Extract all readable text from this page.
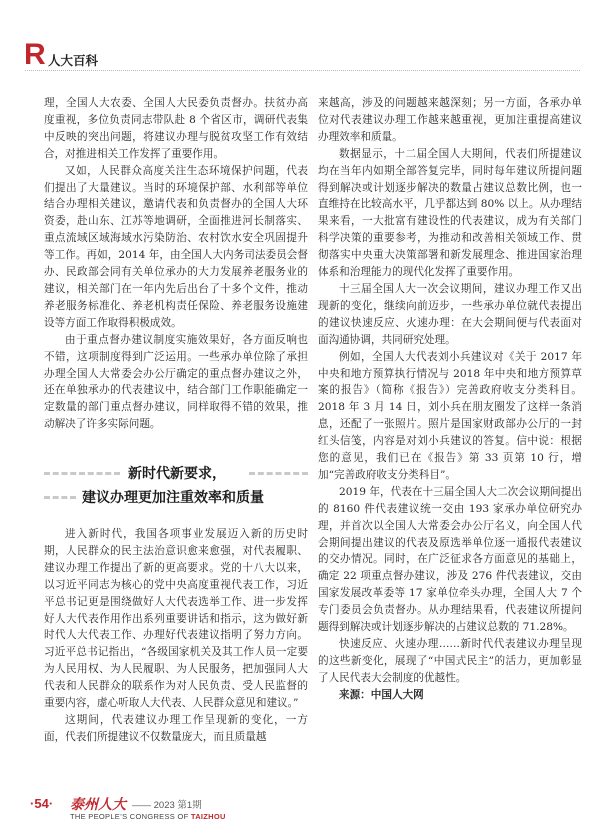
R 人大百科

理，全国人大农委、全国人大民委负责督办。扶贫办高度重视，多位负责同志带队赴 8 个省区市，调研代表集中反映的突出问题，将建议办理与脱贫攻坚工作有效结合，对推进相关工作发挥了重要作用。

又如，人民群众高度关注生态环境保护问题，代表们提出了大量建议。当时的环境保护部、水利部等单位结合办理相关建议，邀请代表和负责督办的全国人大环资委，赴山东、江苏等地调研，全面推进河长制落实、重点流域区域海域水污染防治、农村饮水安全巩固提升等工作。再如，2014 年，由全国人大内务司法委员会督办、民政部会同有关单位承办的大力发展养老服务业的建议，相关部门在一年内先后出台了十多个文件，推动养老服务标准化、养老机构责任保险、养老服务设施建设等方面工作取得积极成效。

由于重点督办建议制度实施效果好，各方面反响也不错，这项制度得到广泛运用。一些承办单位除了承担办理全国人大常委会办公厅确定的重点督办建议之外，还在单独承办的代表建议中，结合部门工作职能确定一定数量的部门重点督办建议，同样取得不错的效果，推动解决了许多实际问题。

新时代新要求，
建议办理更加注重效率和质量

进入新时代，我国各项事业发展迈入新的历史时期，人民群众的民主法治意识愈来愈强，对代表履职、建议办理工作提出了新的更高要求。党的十八大以来，以习近平同志为核心的党中央高度重视代表工作，习近平总书记更是围绕做好人大代表选举工作、进一步发挥好人大代表作用作出系列重要讲话和指示，这为做好新时代人大代表工作、办理好代表建议指明了努力方向。习近平总书记指出，“各级国家机关及其工作人员一定要为人民用权、为人民履职、为人民服务，把加强同人大代表和人民群众的联系作为对人民负责、受人民监督的重要内容，虚心听取人大代表、人民群众意见和建议。”

这期间，代表建议办理工作呈现新的变化，一方面，代表们所提建议不仅数量庞大，而且质量越

来越高，涉及的问题越来越深刻；另一方面，各承办单位对代表建议办理工作越来越重视，更加注重提高建议办理效率和质量。

数据显示，十二届全国人大期间，代表们所提建议均在当年内如期全部答复完毕，同时每年建议所提问题得到解决或计划逐步解决的数量占建议总数比例，也一直维持在比较高水平，几乎都达到 80% 以上。从办理结果来看，一大批富有建设性的代表建议，成为有关部门科学决策的重要参考，为推动和改善相关领域工作、贯彻落实中央重大决策部署和新发展理念、推进国家治理体系和治理能力的现代化发挥了重要作用。

十三届全国人大一次会议期间，建议办理工作又出现新的变化，继续向前迈步，一些承办单位就代表提出的建议快速反应、火速办理：在大会期间便与代表面对面沟通协调，共同研究处理。

例如，全国人大代表刘小兵建议对《关于 2017 年中央和地方预算执行情况与 2018 年中央和地方预算草案的报告》（简称《报告》）完善政府收支分类科目。2018 年 3 月 14 日，刘小兵在朋友圈发了这样一条消息，还配了一张照片。照片是国家财政部办公厅的一封红头信笺，内容是对刘小兵建议的答复。信中说：根据您的意见，我们已在《报告》第 33 页第 10 行，增加“完善政府收支分类科目”。

2019 年，代表在十三届全国人大二次会议期间提出的 8160 件代表建议统一交由 193 家承办单位研究办理，并首次以全国人大常委会办公厅名义，向全国人代会期间提出建议的代表及原选举单位逐一通报代表建议的交办情况。同时，在广泛征求各方面意见的基础上，确定 22 项重点督办建议，涉及 276 件代表建议，交由国家发展改革委等 17 家单位牵头办理，全国人大 7 个专门委员会负责督办。从办理结果看，代表建议所提问题得到解决或计划逐步解决的占建议总数的 71.28%。

快速反应、火速办理……新时代代表建议办理呈现的这些新变化，展现了“中国式民主”的活力，更加彰显了人民代表大会制度的优越性。

来源：中国人大网

·54· 泰州人大 —— 2023 第1期
THE PEOPLE’S CONGRESS OF TAIZHOU
